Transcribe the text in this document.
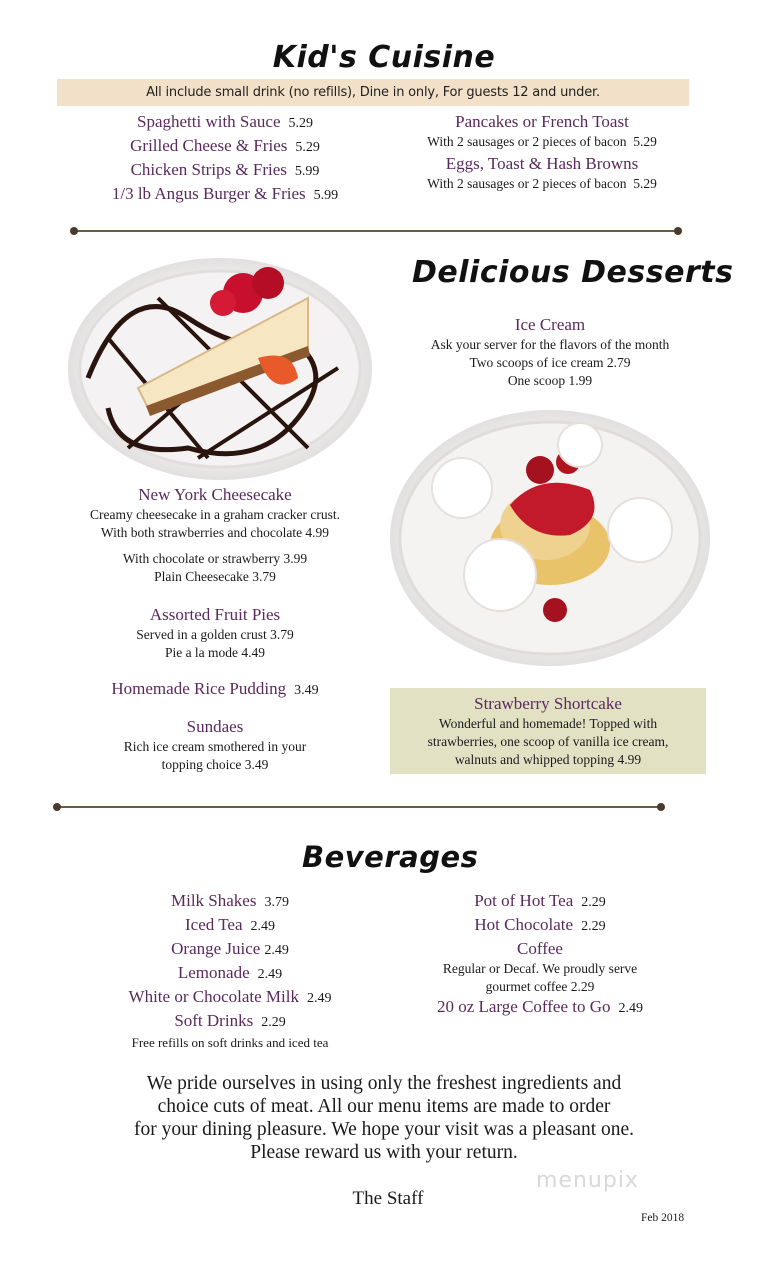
Kid's Cuisine
All include small drink (no refills), Dine in only, For guests 12 and under.
Spaghetti with Sauce 5.29
Grilled Cheese & Fries 5.29
Chicken Strips & Fries 5.99
1/3 lb Angus Burger & Fries 5.99
Pancakes or French Toast
With 2 sausages or 2 pieces of bacon 5.29
Eggs, Toast & Hash Browns
With 2 sausages or 2 pieces of bacon 5.29
Delicious Desserts
Ice Cream
Ask your server for the flavors of the month
Two scoops of ice cream 2.79
One scoop 1.99
New York Cheesecake
Creamy cheesecake in a graham cracker crust.
With both strawberries and chocolate 4.99
With chocolate or strawberry 3.99
Plain Cheesecake 3.79
Assorted Fruit Pies
Served in a golden crust 3.79
Pie a la mode 4.49
Homemade Rice Pudding 3.49
Sundaes
Rich ice cream smothered in your
topping choice 3.49
Strawberry Shortcake
Wonderful and homemade! Topped with
strawberries, one scoop of vanilla ice cream,
walnuts and whipped topping 4.99
Beverages
Milk Shakes 3.79
Iced Tea 2.49
Orange Juice 2.49
Lemonade 2.49
White or Chocolate Milk 2.49
Soft Drinks 2.29
Free refills on soft drinks and iced tea
Pot of Hot Tea 2.29
Hot Chocolate 2.29
Coffee
Regular or Decaf. We proudly serve
gourmet coffee 2.29
20 oz Large Coffee to Go 2.49
We pride ourselves in using only the freshest ingredients and
choice cuts of meat. All our menu items are made to order
for your dining pleasure. We hope your visit was a pleasant one.
Please reward us with your return.
menupix
The Staff
Feb 2018
